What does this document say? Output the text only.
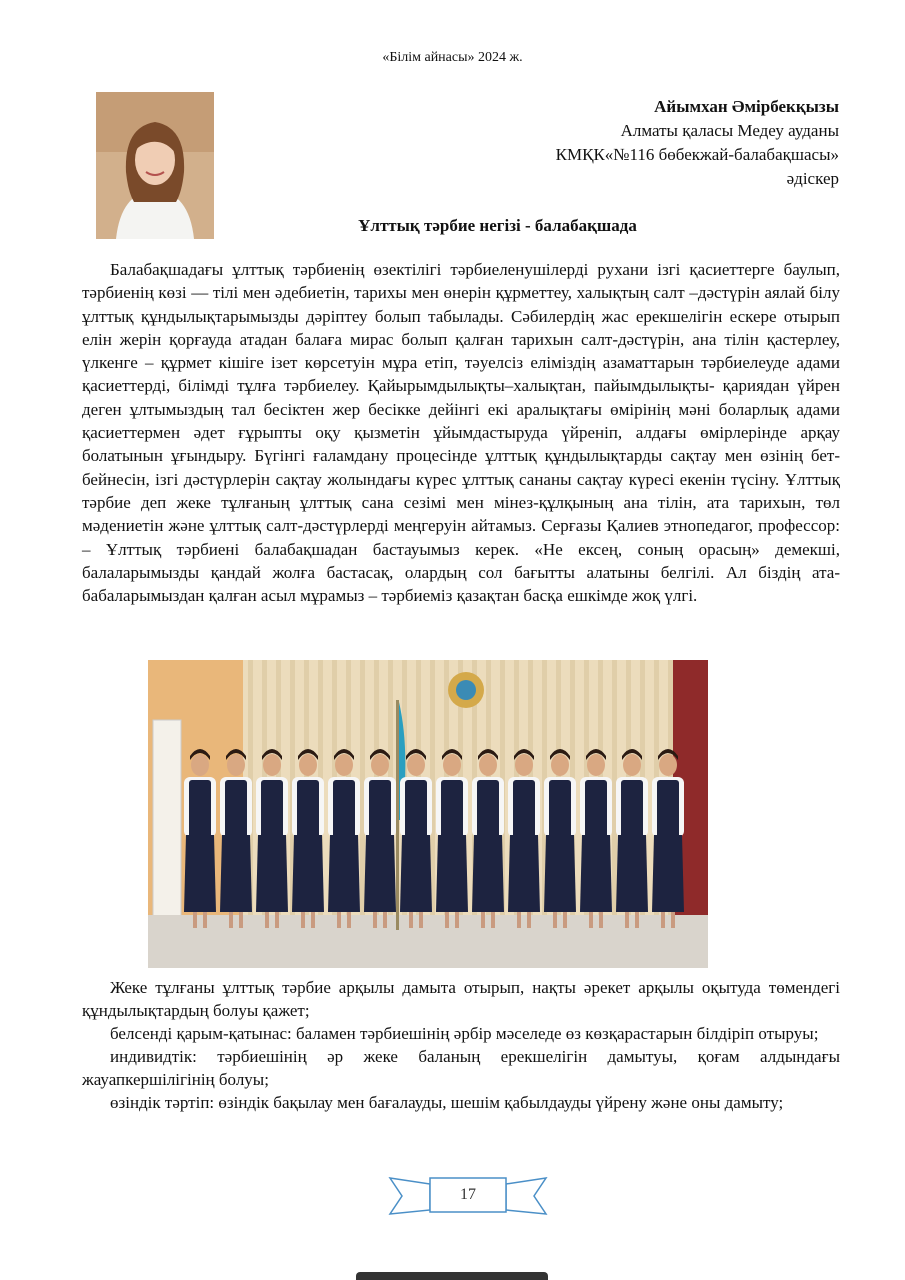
«Білім айнасы» 2024 ж.
Айымхан Әмірбекқызы
Алматы қаласы Медеу ауданы
КМҚК«№116 бөбекжай-балабақшасы»
әдіскер
Ұлттық тәрбие негізі - балабақшада

Балабақшадағы ұлттық тәрбиенің өзектілігі тәрбиеленушілерді рухани ізгі қасиеттерге баулып, тәрбиенің көзі — тілі мен әдебиетін, тарихы мен өнерін құрметтеу, халықтың салт –дәстүрін аялай білу ұлттық құндылықтарымызды дәріптеу болып табылады. Сәбилердің жас ерекшелігін ескере отырып елін жерін қорғауда атадан балаға мирас болып қалған тарихын салт-дәстүрін, ана тілін қастерлеу, үлкенге – құрмет кішіге ізет көрсетуін мұра етіп, тәуелсіз еліміздің азаматтарын тәрбиелеуде адами қасиеттерді, білімді тұлға тәрбиелеу. Қайырымдылықты–халықтан, пайымдылықты- қариядан үйрен деген ұлтымыздың тал бесіктен жер бесікке дейінгі екі аралықтағы өмірінің мәні боларлық адами қасиеттермен әдет ғұрыпты оқу қызметін ұйымдастыруда үйреніп, алдағы өмірлерінде арқау болатынын ұғындыру. Бүгінгі ғаламдану процесінде ұлттық құндылықтарды сақтау мен өзінің бет-бейнесін, ізгі дәстүрлерін сақтау жолындағы күрес ұлттық сананы сақтау күресі екенін түсіну. Ұлттық тәрбие деп жеке тұлғаның ұлттық сана сезімі мен мінез-құлқының ана тілін, ата тарихын, төл мәдениетін және ұлттық салт-дәстүрлерді меңгеруін айтамыз. Серғазы Қалиев этнопедагог, профессор: – Ұлттық тәрбиені балабақшадан бастауымыз керек. «Не ексең, соның орасың» демекші, балаларымызды қандай жолға бастасақ, олардың сол бағытты алатыны белгілі. Ал біздің ата-бабаларымыздан қалған асыл мұрамыз – тәрбиеміз қазақтан басқа ешкімде жоқ үлгі.

Жеке тұлғаны ұлттық тәрбие арқылы дамыта отырып, нақты әрекет арқылы оқытуда төмендегі құндылықтардың болуы қажет;

белсенді қарым-қатынас: баламен тәрбиешінің әрбір мәселеде өз көзқарастарын білдіріп отыруы;

индивидтік: тәрбиешінің әр жеке баланың ерекшелігін дамытуы, қоғам алдындағы жауапкершілігінің болуы;

өзіндік тәртіп: өзіндік бақылау мен бағалауды, шешім қабылдауды үйрену және оны дамыту;

17
